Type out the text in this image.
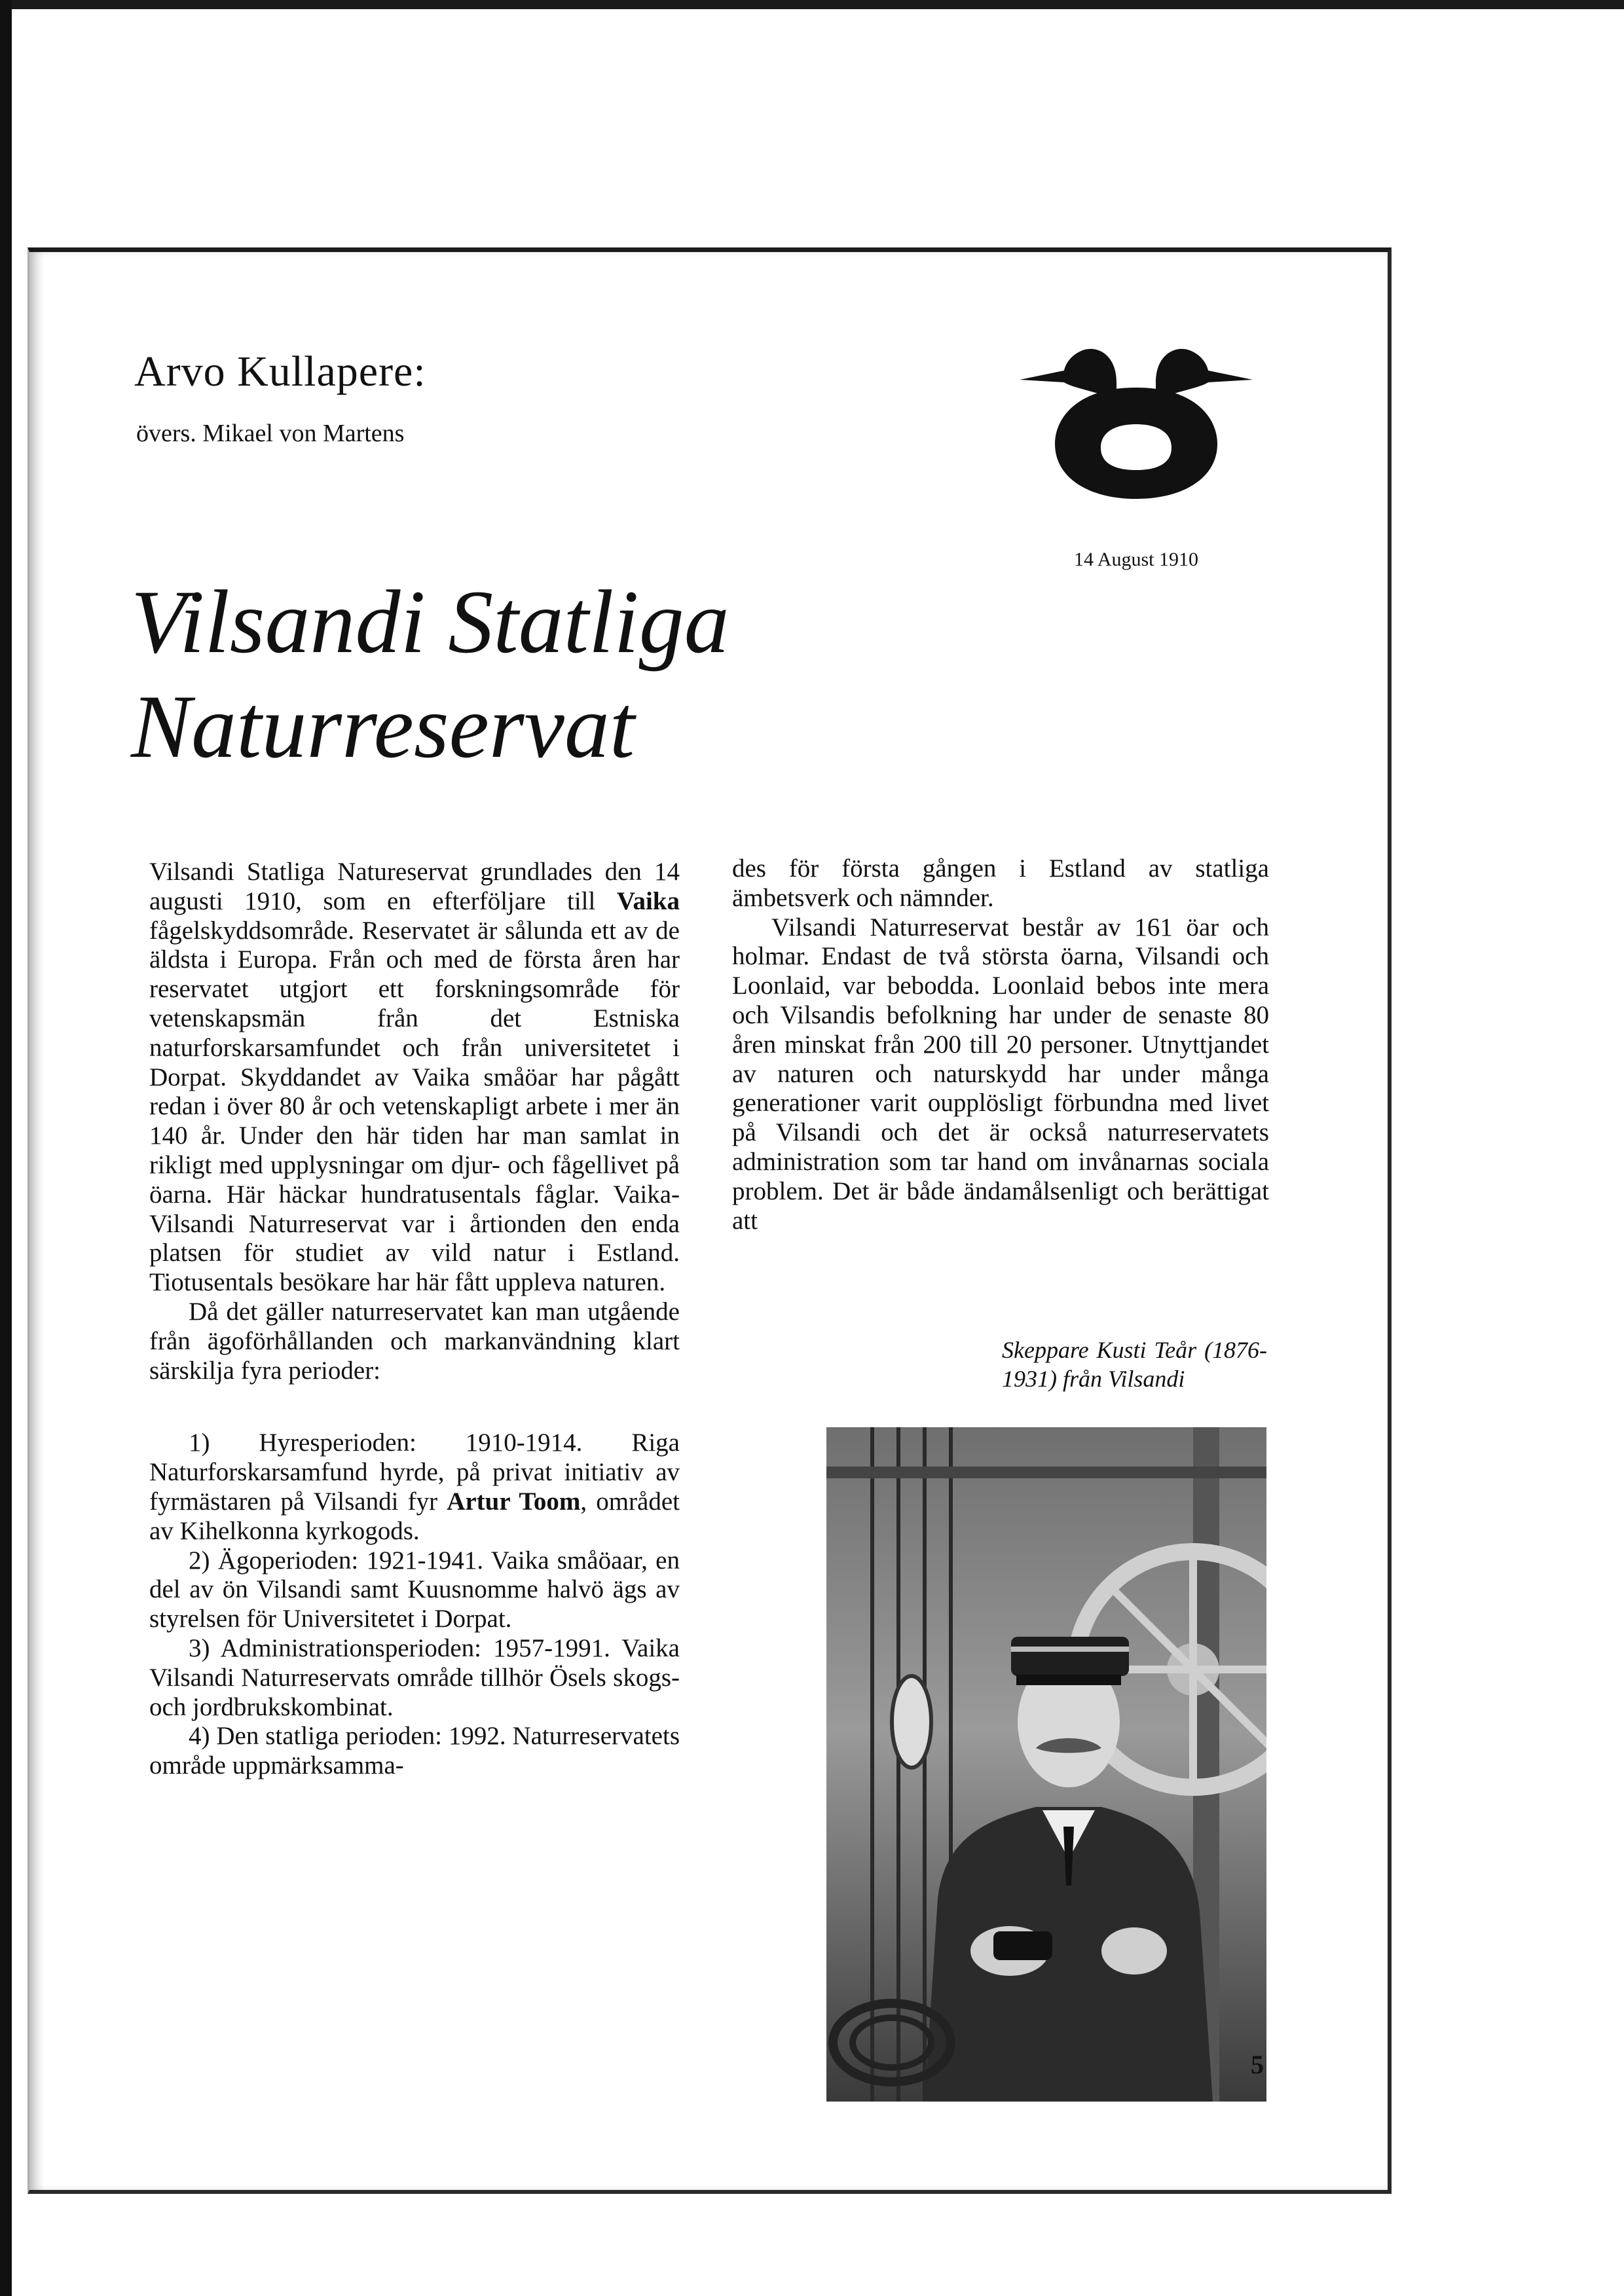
Arvo Kullapere:
övers. Mikael von Martens
14 August 1910
Vilsandi Statliga
Naturreservat

Vilsandi Statliga Natureservat grundlades den 14 augusti 1910, som en efterföljare till Vaika fågelskyddsområde. Reservatet är sålunda ett av de äldsta i Europa. Från och med de första åren har reservatet utgjort ett forskningsområde för vetenskapsmän från det Estniska naturforskarsamfundet och från universitetet i Dorpat. Skyddandet av Vaika småöar har pågått redan i över 80 år och vetenskapligt arbete i mer än 140 år. Under den här tiden har man samlat in rikligt med upplysningar om djur- och fågellivet på öarna. Här häckar hundratusentals fåglar. Vaika-Vilsandi Naturreservat var i årtionden den enda platsen för studiet av vild natur i Estland. Tiotusentals besökare har här fått uppleva naturen.

Då det gäller naturreservatet kan man utgående från ägoförhållanden och markanvändning klart särskilja fyra perioder:

1) Hyresperioden: 1910-1914. Riga Naturforskarsamfund hyrde, på privat initiativ av fyrmästaren på Vilsandi fyr Artur Toom, området av Kihelkonna kyrkogods.

2) Ägoperioden: 1921-1941. Vaika småöaar, en del av ön Vilsandi samt Kuusnomme halvö ägs av styrelsen för Universitetet i Dorpat.

3) Administrationsperioden: 1957-1991. Vaika Vilsandi Naturreservats område tillhör Ösels skogs- och jordbrukskombinat.

4) Den statliga perioden: 1992. Naturreservatets område uppmärksamma-

des för första gången i Estland av statliga ämbetsverk och nämnder.

Vilsandi Naturreservat består av 161 öar och holmar. Endast de två största öarna, Vilsandi och Loonlaid, var bebodda. Loonlaid bebos inte mera och Vilsandis befolkning har under de senaste 80 åren minskat från 200 till 20 personer. Utnyttjandet av naturen och naturskydd har under många generationer varit oupplösligt förbundna med livet på Vilsandi och det är också naturreservatets administration som tar hand om invånarnas sociala problem. Det är både ändamålsenligt och berättigat att

Skeppare Kusti Teår (1876-1931) från Vilsandi
5
